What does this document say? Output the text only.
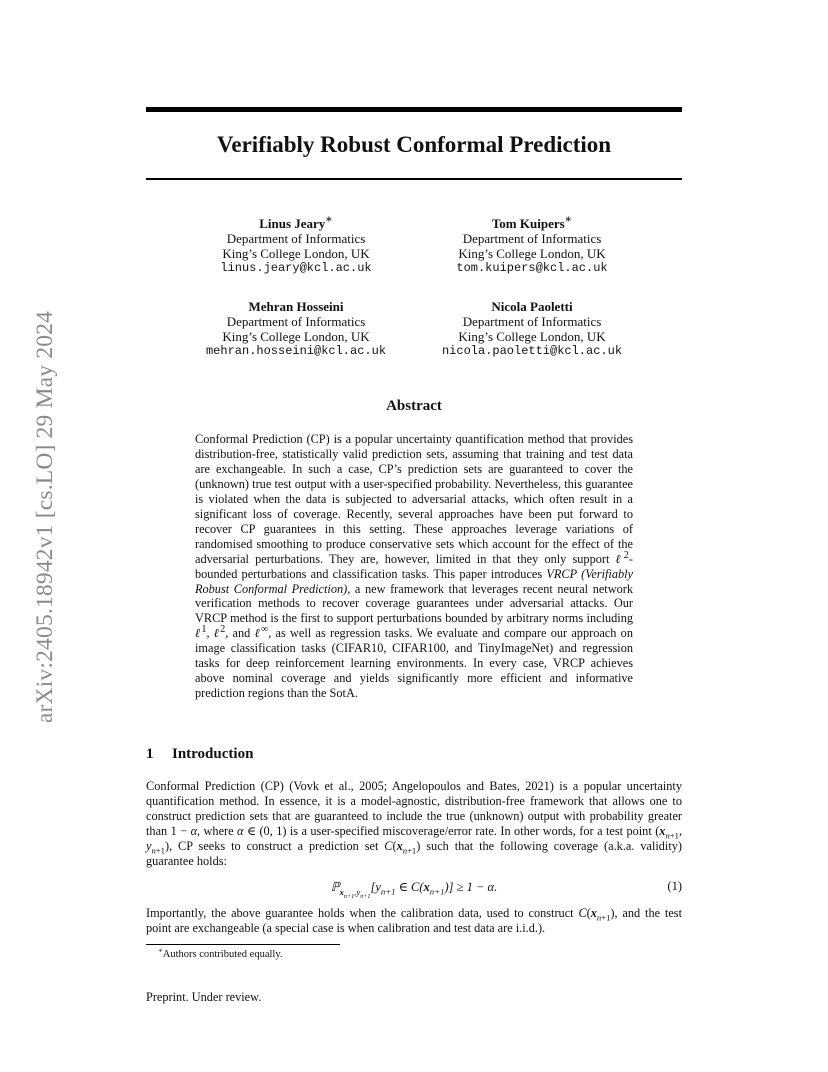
arXiv:2405.18942v1 [cs.LO] 29 May 2024
Verifiably Robust Conformal Prediction
Linus Jeary∗
Department of Informatics
King’s College London, UK
linus.jeary@kcl.ac.uk
Tom Kuipers∗
Department of Informatics
King’s College London, UK
tom.kuipers@kcl.ac.uk
Mehran Hosseini
Department of Informatics
King’s College London, UK
mehran.hosseini@kcl.ac.uk
Nicola Paoletti
Department of Informatics
King’s College London, UK
nicola.paoletti@kcl.ac.uk
Abstract

Conformal Prediction (CP) is a popular uncertainty quantification method that provides distribution-free, statistically valid prediction sets, assuming that training and test data are exchangeable. In such a case, CP’s prediction sets are guaranteed to cover the (unknown) true test output with a user-specified probability. Nevertheless, this guarantee is violated when the data is subjected to adversarial attacks, which often result in a significant loss of coverage. Recently, several approaches have been put forward to recover CP guarantees in this setting. These approaches leverage variations of randomised smoothing to produce conservative sets which account for the effect of the adversarial perturbations. They are, however, limited in that they only support ℓ$^2$-bounded perturbations and classification tasks. This paper introduces VRCP (Verifiably Robust Conformal Prediction), a new framework that leverages recent neural network verification methods to recover coverage guarantees under adversarial attacks. Our VRCP method is the first to support perturbations bounded by arbitrary norms including ℓ$^1$, ℓ$^2$, and ℓ∞, as well as regression tasks. We evaluate and compare our approach on image classification tasks (CIFAR10, CIFAR100, and TinyImageNet) and regression tasks for deep reinforcement learning environments. In every case, VRCP achieves above nominal coverage and yields significantly more efficient and informative prediction regions than the SotA.

1 Introduction

Conformal Prediction (CP) (Vovk et al., 2005; Angelopoulos and Bates, 2021) is a popular uncertainty quantification method. In essence, it is a model-agnostic, distribution-free framework that allows one to construct prediction sets that are guaranteed to include the true (unknown) output with probability greater than 1 − α, where α ∈ (0, 1) is a user-specified miscoverage/error rate. In other words, for a test point ($x_{n+1}$, $y_{n+1}$), CP seeks to construct a prediction set $C(x_{n+1})$ such that the following coverage (a.k.a. validity) guarantee holds:

$ℙ_{x_{n+1},y_{n+1}}[y_{n+1}$ ∈ $C(x_{n+1})] \ge 1 - \alpha$.	(1)

Importantly, the above guarantee holds when the calibration data, used to construct $C(x_{n+1})$, and the test point are exchangeable (a special case is when calibration and test data are i.i.d.).

∗Authors contributed equally.

Preprint. Under review.
